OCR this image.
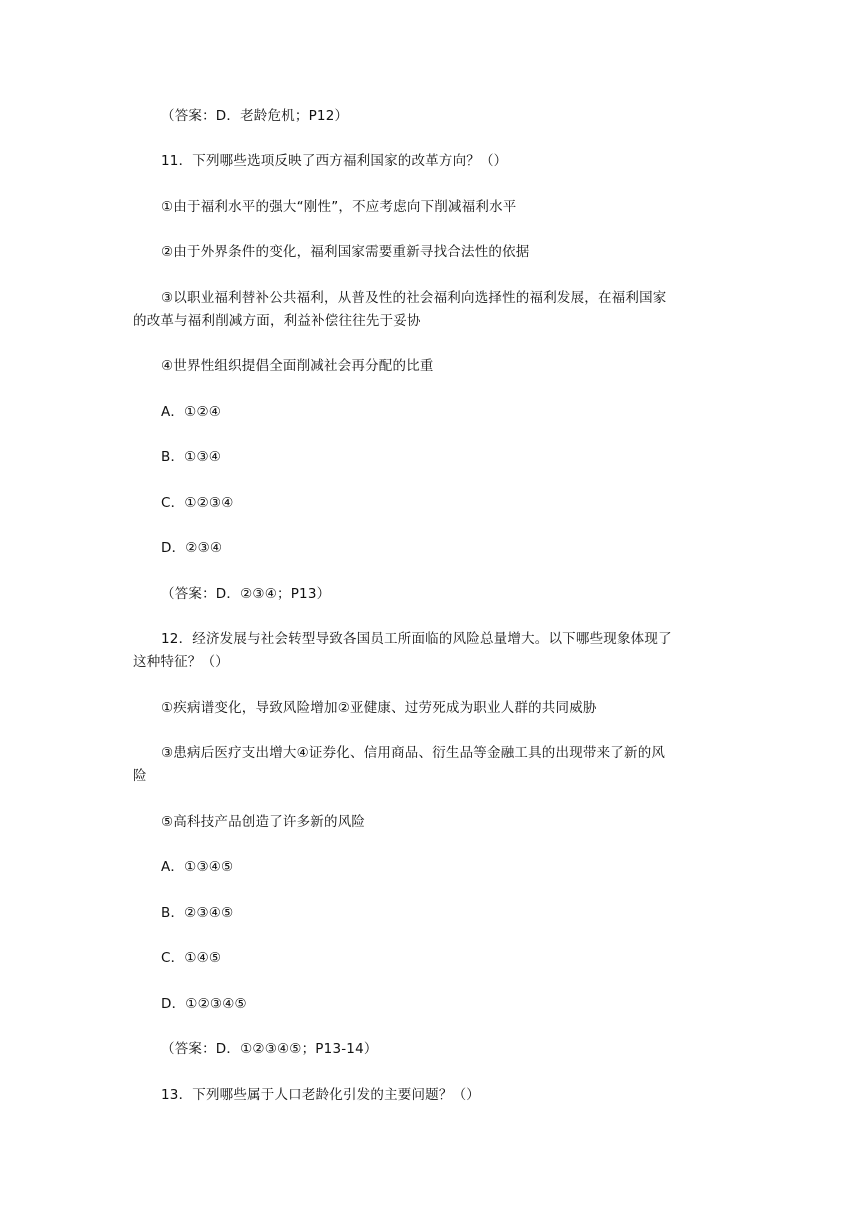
（答案：D．老龄危机；P12）
11．下列哪些选项反映了西方福利国家的改革方向？（）
①由于福利水平的强大“刚性”，不应考虑向下削减福利水平
②由于外界条件的变化，福利国家需要重新寻找合法性的依据
③以职业福利替补公共福利，从普及性的社会福利向选择性的福利发展，在福利国家
的改革与福利削减方面，利益补偿往往先于妥协
④世界性组织提倡全面削减社会再分配的比重
A．①②④
B．①③④
C．①②③④
D．②③④
（答案：D．②③④；P13）
12．经济发展与社会转型导致各国员工所面临的风险总量增大。以下哪些现象体现了
这种特征？（）
①疾病谱变化，导致风险增加②亚健康、过劳死成为职业人群的共同威胁
③患病后医疗支出增大④证券化、信用商品、衍生品等金融工具的出现带来了新的风
险
⑤高科技产品创造了许多新的风险
A．①③④⑤
B．②③④⑤
C．①④⑤
D．①②③④⑤
（答案：D．①②③④⑤；P13-14）
13．下列哪些属于人口老龄化引发的主要问题？（）
